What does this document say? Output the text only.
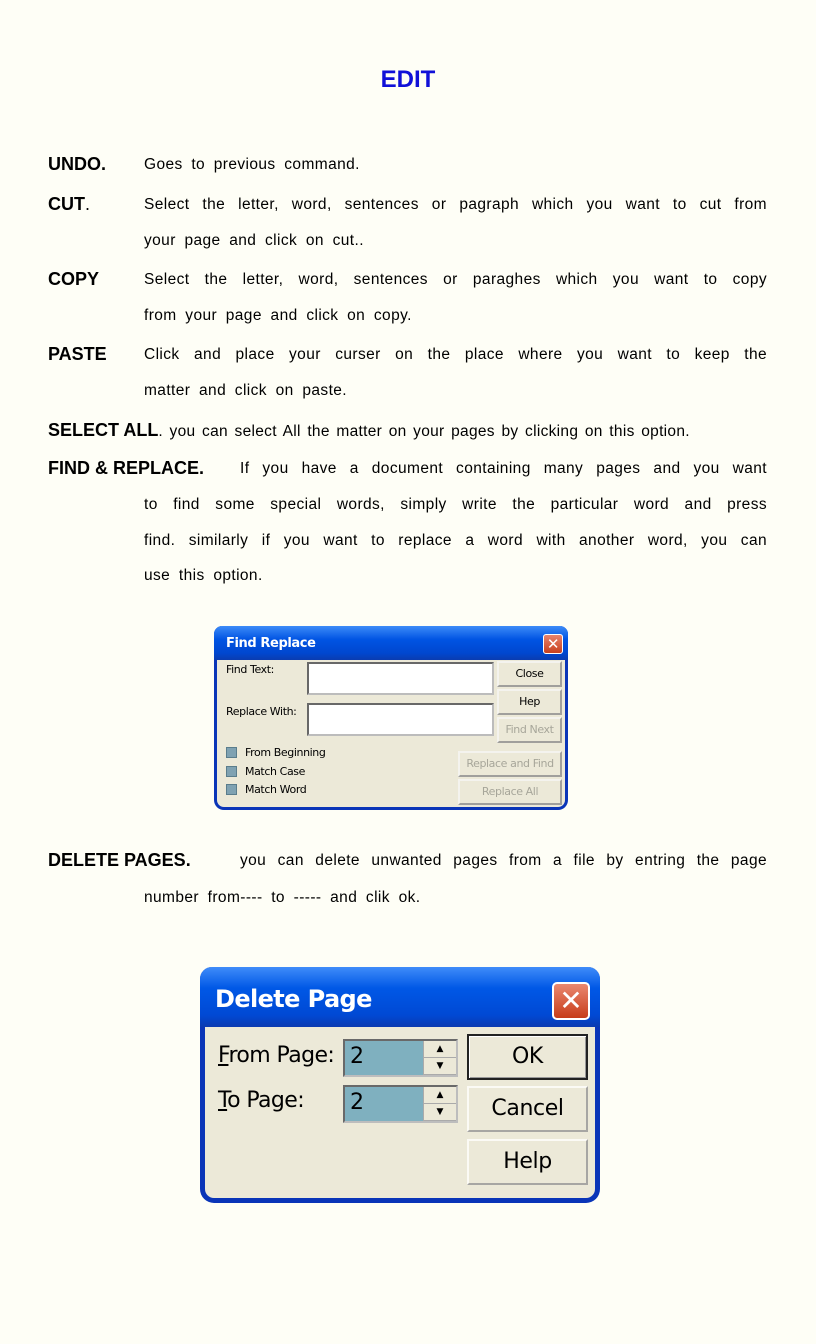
EDIT
UNDO. Goes to previous command.
CUT.	Select the letter, word, sentences or pagraph which you want to cut from
your page and click on cut..
COPY	Select the letter, word, sentences or paraghes which you want to copy
from your page and click on copy.
PASTE Click and place your curser on the place where you want to keep the
matter and click on paste.
SELECT ALL. you can select All the matter on your pages by clicking on this option.
FIND & REPLACE. If you have a document containing many pages and you want
to find some special words, simply write the particular word and press
find. similarly if you want to replace a word with another word, you can
use this option.
Find Replace	✕
Find Text:
Replace With:
Close
Hep
Find Next
Replace and Find
Replace All
From Beginning
Match Case
Match Word
DELETE PAGES.	you can delete unwanted pages from a file by entring the page
number from---- to ----- and clik ok.
Delete Page	✕
From Page: 2	▲
▼
To Page: 2	▲
▼
OK
Cancel
Help
